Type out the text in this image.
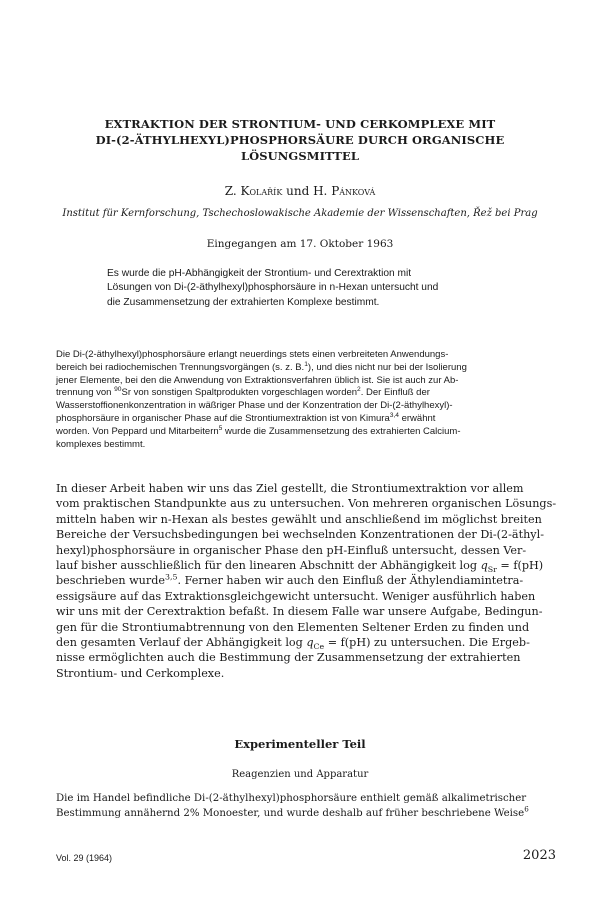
EXTRAKTION DER STRONTIUM- UND CERKOMPLEXE MIT
DI-(2-ÄTHYLHEXYL)PHOSPHORSÄURE DURCH ORGANISCHE
LÖSUNGSMITTEL
Z. Kolařík und H. Pánková
Institut für Kernforschung, Tschechoslowakische Akademie der Wissenschaften, Řež bei Prag
Eingegangen am 17. Oktober 1963
Es wurde die pH-Abhängigkeit der Strontium- und Cerextraktion mit
Lösungen von Di-(2-äthylhexyl)phosphorsäure in n-Hexan untersucht und
die Zusammensetzung der extrahierten Komplexe bestimmt.
Die Di-(2-äthylhexyl)phosphorsäure erlangt neuerdings stets einen verbreiteten Anwendungs-
bereich bei radiochemischen Trennungsvorgängen (s. z. B.$^1$), und dies nicht nur bei der Isolierung
jener Elemente, bei den die Anwendung von Extraktionsverfahren üblich ist. Sie ist auch zur Ab-
trennung von $^{90}$Sr von sonstigen Spaltprodukten vorgeschlagen worden$^2$. Der Einfluß der
Wasserstoffionenkonzentration in wäßriger Phase und der Konzentration der Di-(2-äthylhexyl)-
phosphorsäure in organischer Phase auf die Strontiumextraktion ist von Kimura$^{3,4}$ erwähnt
worden. Von Peppard und Mitarbeitern$^5$ wurde die Zusammensetzung des extrahierten Calcium-
komplexes bestimmt.
In dieser Arbeit haben wir uns das Ziel gestellt, die Strontiumextraktion vor allem
vom praktischen Standpunkte aus zu untersuchen. Von mehreren organischen Lösungs-
mitteln haben wir n-Hexan als bestes gewählt und anschließend im möglichst breiten
Bereiche der Versuchsbedingungen bei wechselnden Konzentrationen der Di-(2-äthyl-
hexyl)phosphorsäure in organischer Phase den pH-Einfluß untersucht, dessen Ver-
lauf bisher ausschließlich für den linearen Abschnitt der Abhängigkeit $\log q_{Sr} = f(pH)$
beschrieben wurde$^{3,5}$. Ferner haben wir auch den Einfluß der Äthylendiamintetra-
essigsäure auf das Extraktionsgleichgewicht untersucht. Weniger ausführlich haben
wir uns mit der Cerextraktion befaßt. In diesem Falle war unsere Aufgabe, Bedingun-
gen für die Strontiumabtrennung von den Elementen Seltener Erden zu finden und
den gesamten Verlauf der Abhängigkeit $\log q_{Ce} = f(pH)$ zu untersuchen. Die Ergeb-
nisse ermöglichten auch die Bestimmung der Zusammensetzung der extrahierten
Strontium- und Cerkomplexe.
Experimenteller Teil
Reagenzien und Apparatur
Die im Handel befindliche Di-(2-äthylhexyl)phosphorsäure enthielt gemäß alkalimetrischer
Bestimmung annähernd 2% Monoester, und wurde deshalb auf früher beschriebene Weise$^6$
Vol. 29 (1964)	2023
